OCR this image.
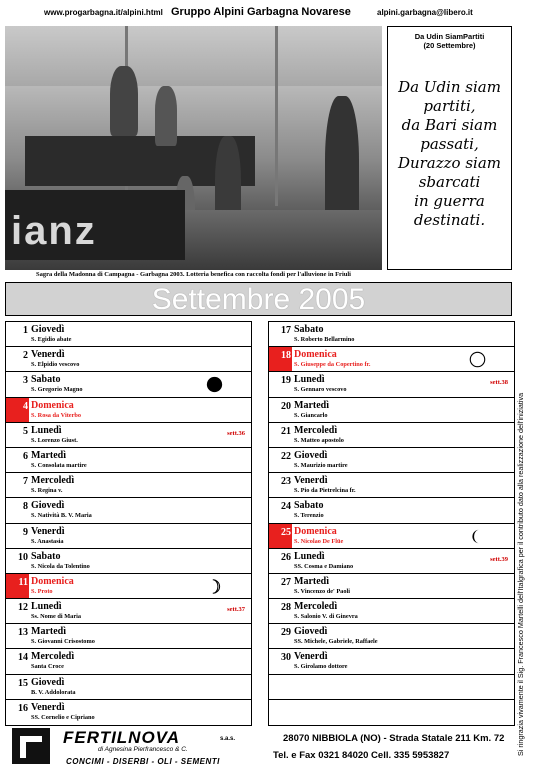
www.progarbagna.it/alpini.html Gruppo Alpini Garbagna Novarese	alpini.garbagna@libero.it
ianz
Sagra della Madonna di Campagna - Garbagna 2003. Lotteria benefica con raccolta fondi per l'alluvione in Friuli
Da Udin SiamPartiti
(20 Settembre)
Da Udin siam
partiti,
da Bari siam
passati,
Durazzo siam
sbarcati
in guerra
destinati.
Settembre 2005
1 Giovedì
S. Egidio abate
2 Venerdì
S. Elpidio vescovo
3 Sabato
S. Gregorio Magno
4 Domenica
S. Rosa da Viterbo
5 Lunedì
S. Lorenzo Giust.
sett.36
6 Martedì
S. Consolata martire
7 Mercoledì
S. Regina v.
8 Giovedì
S. Natività B. V. Maria
9 Venerdì
S. Anastasia
10 Sabato
S. Nicola da Tolentino
11 Domenica
S. Proto
12 Lunedì
Ss. Nome di Maria
sett.37
13 Martedì
S. Giovanni Crisostomo
14 Mercoledì
Santa Croce
15 Giovedì
B. V. Addolorata
16 Venerdì
SS. Cornelio e Cipriano
17 Sabato
S. Roberto Bellarmino
18 Domenica
S. Giuseppe da Copertino fr.
19 Lunedì
S. Gennaro vescovo
sett.38
20 Martedì
S. Giancarlo
21 Mercoledì
S. Matteo apostolo
22 Giovedì
S. Maurizio martire
23 Venerdì
S. Pio da Pietrelcina fr.
24 Sabato
S. Terenzio
25 Domenica
S. Nicolao De Flüe
26 Lunedì
SS. Cosma e Damiano
sett.39
27 Martedì
S. Vincenzo de' Paoli
28 Mercoledì
S. Salonio V. di Ginevra
29 Giovedì
SS. Michele, Gabriele, Raffaele
30 Venerdì
S. Girolamo dottore	Si ringrazia vivamente il Sig. Francesco Martelli dell'Italgrafica per il contributo dato alla realizzazione dell'iniziativa
FERTILNOVA	s.a.s.
di Agnesina Pierfrancesco & C.
CONCIMI - DISERBI - OLI - SEMENTI
28070 NIBBIOLA (NO) - Strada Statale 211 Km. 72
Tel. e Fax 0321 84020 Cell. 335 5953827
